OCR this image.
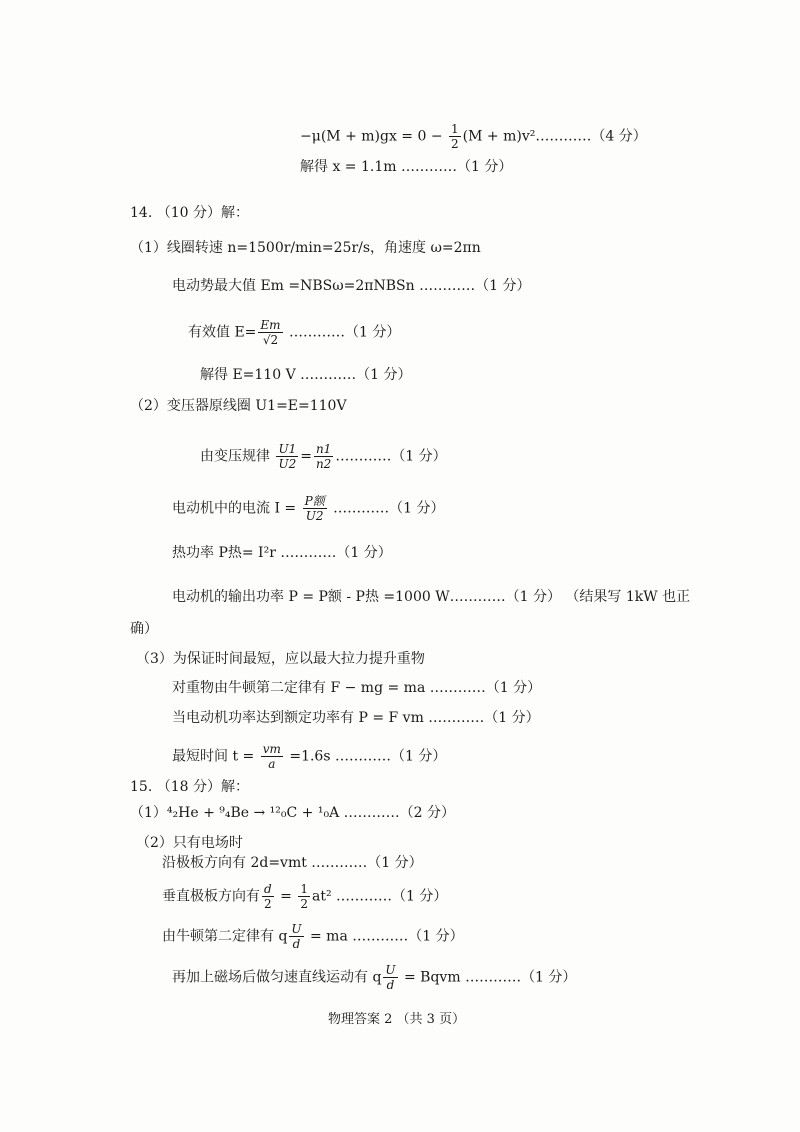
$-\mu(M + m)gx = 0 - \frac{1}{2} (M$ + m)v²…………（4 分）
解得 x = 1.1m …………（1 分）
14. （10 分）解：
（1）线圈转速 n=1500r/min=25r/s，角速度 ω=2πn
电动势最大值 Em =NBSω=2πNBSn …………（1 分）
有效值 $E= \frac{Em}{√2}$ …………（1 分）
解得 E=110 V …………（1 分）
（2）变压器原线圈 U1=E=110V
由变压规律 $\frac{U1}{U2} = \frac{n1}{n2}$ …………（1 分）
电动机中的电流 $I = \frac{\text{P额}}{U2}$ …………（1 分）
热功率 P热= I²r …………（1 分）
电动机的输出功率 P = P额 - P热 =1000 W…………（1 分） （结果写 1kW 也正
确）
（3）为保证时间最短，应以最大拉力提升重物
对重物由牛顿第二定律有 F − mg = ma …………（1 分）
当电动机功率达到额定功率有 P = F vm …………（1 分）
最短时间 $t = \frac{vm}{a} =1.6s$ …………（1 分）
15. （18 分）解：
（1）⁴₂He + ⁹₄Be → ¹²₀C + ¹₀A …………（2 分）
（2）只有电场时
沿极板方向有 2d=vmt …………（1 分）
垂直极板方向有 $\frac{d}{2} = \frac{1}{2} at^2$ …………（1 分）
由牛顿第二定律有 q $\frac{U}{d}$ = ma …………（1 分）
再加上磁场后做匀速直线运动有 q $\frac{U}{d}$ = Bqvm …………（1 分）
物理答案 2 （共 3 页）
